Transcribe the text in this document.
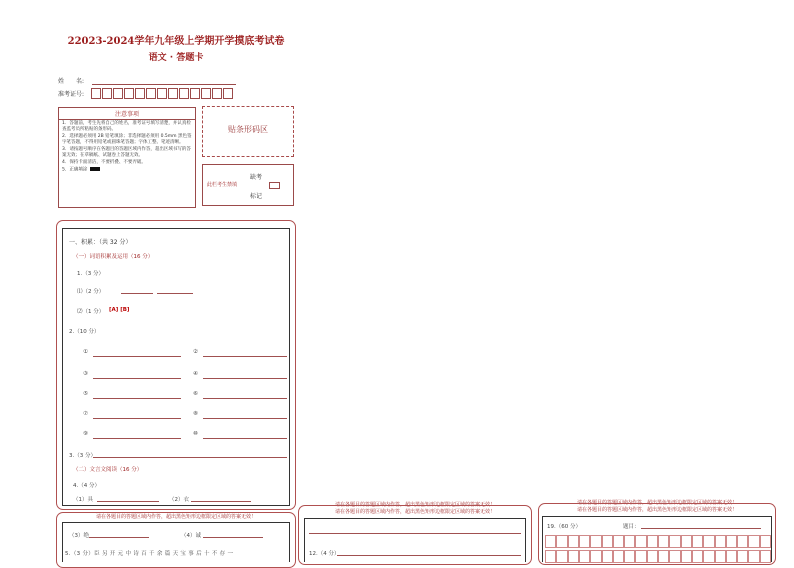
22023-2024学年九年级上学期开学摸底考试卷
语文 · 答题卡
姓　　名:
准考证号:
注意事项

1．答题前，考生先将自己的姓名，准考证号填写清楚，并认真检查监考员所粘贴的条形码。

2．选择题必须用 2B 铅笔填涂；非选择题必须用 0.5mm 黑色签字笔答题，不得用铅笔或圆珠笔答题；字体工整、笔迹清晰。

3．请按题号顺序在各题目的答题区域内作答，超出区域书写的答案无效；在草稿纸、试题卷上答题无效。

4．保持卡面清洁，不要折叠、不要弄破。

5．正确填涂

贴条形码区
缺考
此栏考生禁填
标记
一、积累：（共 32 分）
（一）词语积累及运用（16 分）
1.（3 分）
⑴（2 分）
⑵（1 分） [A] [B]
2.（10 分）
①	②
③	④
⑤	⑥
⑦	⑧
⑨	⑩
3.（3 分）
（二）文言文阅读（16 分）
4.（4 分）
（1）具	（2）衣
请在各题目的答题区域内作答，超出黑色矩形边框限定区域的答案无效！
（3）绝	（4）诚
5.（3 分）臣 另 开 元 中 诗 百 千 余 篇 天 宝 事 后 十 不 存 一
请在各题目的答题区域内作答，超出黑色矩形边框限定区域的答案无效！
请在各题目的答题区域内作答，超出黑色矩形边框限定区域的答案无效！
12.（4 分）
请在各题目的答题区域内作答，超出黑色矩形边框限定区域的答案无效！
请在各题目的答题区域内作答，超出黑色矩形边框限定区域的答案无效！
19.（60 分）	题目：
